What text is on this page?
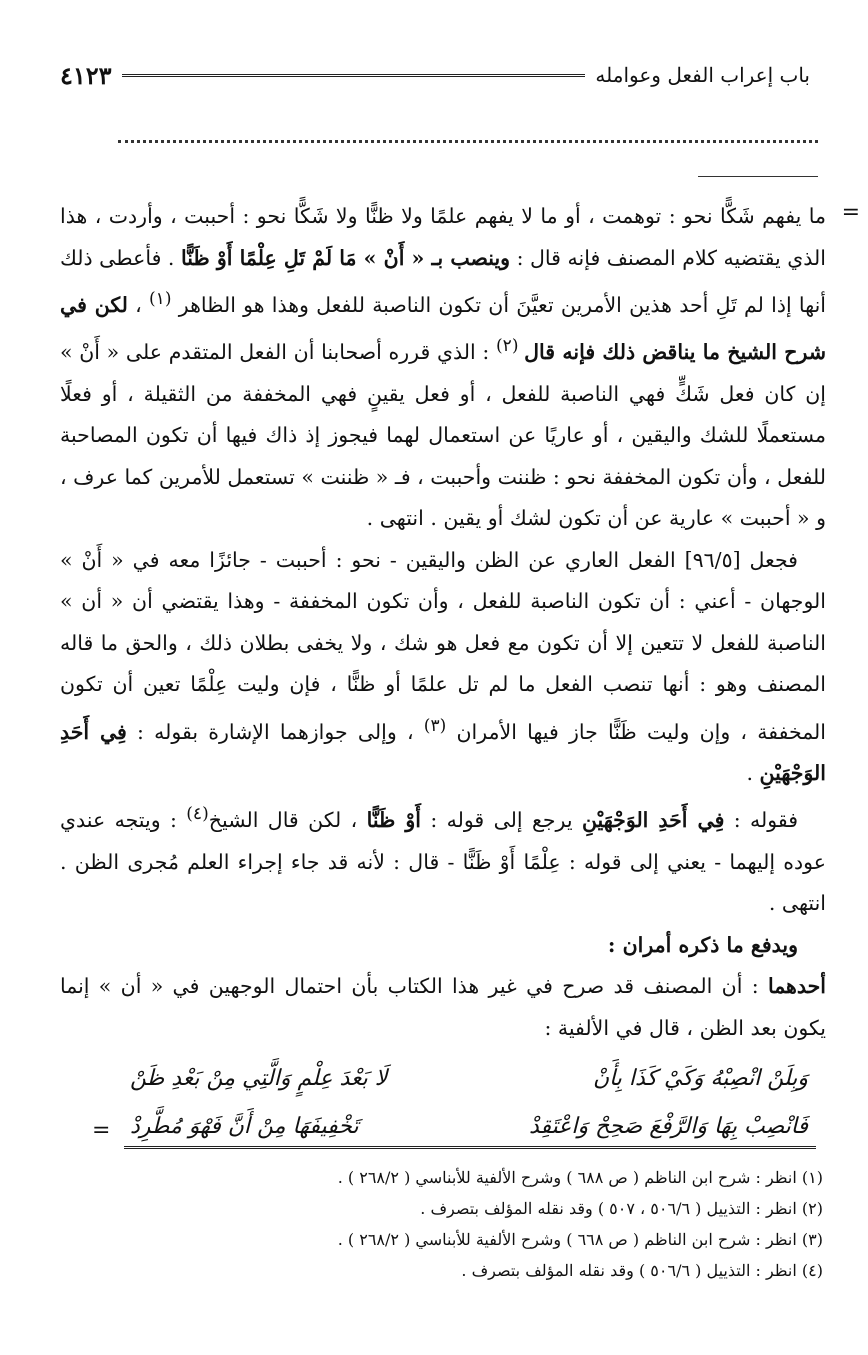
باب إعراب الفعل وعوامله
٤١٢٣
=
=

ما يفهم شَكًّا نحو : توهمت ، أو ما لا يفهم علمًا ولا ظنًّا ولا شَكًّا نحو : أحببت ، وأردت ، هذا الذي يقتضيه كلام المصنف فإنه قال : وينصب بـ « أَنْ » مَا لَمْ تَلِ عِلْمًا أَوْ ظَنًّا . فأعطى ذلك أنها إذا لم تَلِ أحد هذين الأمرين تعيَّنَ أن تكون الناصبة للفعل وهذا هو الظاهر $^{(١)}$ ، لكن في شرح الشيخ ما يناقض ذلك فإنه قال $^{(٢)}$ : الذي قرره أصحابنا أن الفعل المتقدم على « أَنْ » إن كان فعل شَكٍّ فهي الناصبة للفعل ، أو فعل يقينٍ فهي المخففة من الثقيلة ، أو فعلًا مستعملًا للشك واليقين ، أو عاريًا عن استعمال لهما فيجوز إذ ذاك فيها أن تكون المصاحبة للفعل ، وأن تكون المخففة نحو : ظننت وأحببت ، فـ « ظننت » تستعمل للأمرين كما عرف ، و « أحببت » عارية عن أن تكون لشك أو يقين . انتهى .

فجعل [٩٦/٥] الفعل العاري عن الظن واليقين - نحو : أحببت - جائزًا معه في « أَنْ » الوجهان - أعني : أن تكون الناصبة للفعل ، وأن تكون المخففة - وهذا يقتضي أن « أن » الناصبة للفعل لا تتعين إلا أن تكون مع فعل هو شك ، ولا يخفى بطلان ذلك ، والحق ما قاله المصنف وهو : أنها تنصب الفعل ما لم تل علمًا أو ظنًّا ، فإن وليت عِلْمًا تعين أن تكون المخففة ، وإن وليت ظَنًّا جاز فيها الأمران $^{(٣)}$ ، وإلى جوازهما الإشارة بقوله : فِي أَحَدِ الوَجْهَيْنِ .

فقوله : فِي أَحَدِ الوَجْهَيْنِ يرجع إلى قوله : أَوْ ظَنًّا ، لكن قال الشيخ$^{(٤)}$ : ويتجه عندي عوده إليهما - يعني إلى قوله : عِلْمًا أَوْ ظَنًّا - قال : لأنه قد جاء إجراء العلم مُجرى الظن . انتهى .

ويدفع ما ذكره أمران :

أحدهما : أن المصنف قد صرح في غير هذا الكتاب بأن احتمال الوجهين في « أن » إنما يكون بعد الظن ، قال في الألفية :

وَبِلَنْ انْصِبْهُ وَكَيْ كَذَا بِأَنْ
لَا بَعْدَ عِلْمٍ وَالَّتِي مِنْ بَعْدِ ظَنْ
فَانْصِبْ بِهَا وَالرَّفْعَ صَحِحْ وَاعْتَقِدْ
تَخْفِيفَهَا مِنْ أَنَّ فَهْوَ مُطَّرِدْ
(١) انظر : شرح ابن الناظم ( ص ٦٨٨ ) وشرح الألفية للأبناسي ( ٢٦٨/٢ ) .
(٢) انظر : التذييل ( ٥٠٦/٦ ، ٥٠٧ ) وقد نقله المؤلف بتصرف .
(٣) انظر : شرح ابن الناظم ( ص ٦٦٨ ) وشرح الألفية للأبناسي ( ٢٦٨/٢ ) .
(٤) انظر : التذييل ( ٥٠٦/٦ ) وقد نقله المؤلف بتصرف .
